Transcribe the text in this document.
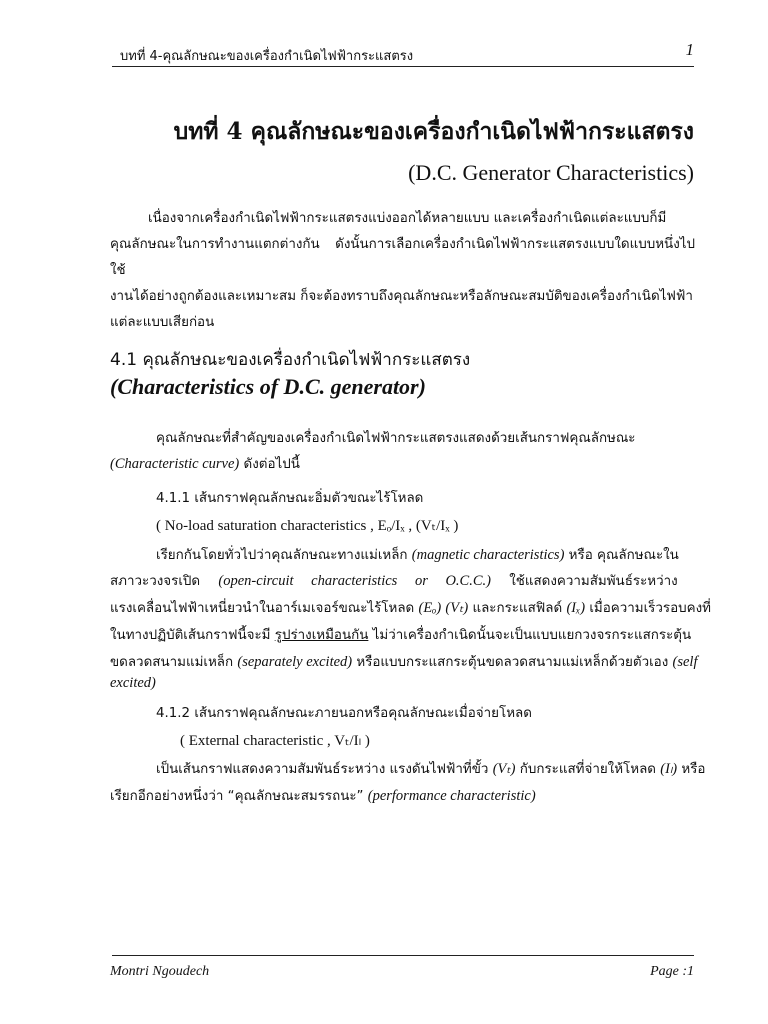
บทที่ 4-คุณลักษณะของเครื่องกำเนิดไฟฟ้ากระแสตรง	1
บทที่ 4 คุณลักษณะของเครื่องกำเนิดไฟฟ้ากระแสตรง
(D.C. Generator Characteristics)

เนื่องจากเครื่องกำเนิดไฟฟ้ากระแสตรงแบ่งออกได้หลายแบบ และเครื่องกำเนิดแต่ละแบบก็มี

คุณลักษณะในการทำงานแตกต่างกัน ดังนั้นการเลือกเครื่องกำเนิดไฟฟ้ากระแสตรงแบบใดแบบหนึ่งไปใช้

งานได้อย่างถูกต้องและเหมาะสม ก็จะต้องทราบถึงคุณลักษณะหรือลักษณะสมบัติของเครื่องกำเนิดไฟฟ้า

แต่ละแบบเสียก่อน

4.1 คุณลักษณะของเครื่องกำเนิดไฟฟ้ากระแสตรง
(Characteristics of D.C. generator)
คุณลักษณะที่สำคัญของเครื่องกำเนิดไฟฟ้ากระแสตรงแสดงด้วยเส้นกราฟคุณลักษณะ
(Characteristic curve) ดังต่อไปนี้
4.1.1 เส้นกราฟคุณลักษณะอิ่มตัวขณะไร้โหลด
( No-load saturation characteristics , Eₒ/Iₓ , (Vₜ/Iₓ )
เรียกกันโดยทั่วไปว่าคุณลักษณะทางแม่เหล็ก (magnetic characteristics) หรือ คุณลักษณะใน
สภาวะวงจรเปิด (open-circuit characteristics or O.C.C.) ใช้แสดงความสัมพันธ์ระหว่าง
แรงเคลื่อนไฟฟ้าเหนี่ยวนำในอาร์เมเจอร์ขณะไร้โหลด (Eₒ) (Vₜ) และกระแสฟิลด์ (Iₓ) เมื่อความเร็วรอบคงที่
ในทางปฏิบัติเส้นกราฟนี้จะมี รูปร่างเหมือนกัน ไม่ว่าเครื่องกำเนิดนั้นจะเป็นแบบแยกวงจรกระแสกระตุ้น
ขดลวดสนามแม่เหล็ก (separately excited) หรือแบบกระแสกระตุ้นขดลวดสนามแม่เหล็กด้วยตัวเอง (self
excited)
4.1.2 เส้นกราฟคุณลักษณะภายนอกหรือคุณลักษณะเมื่อจ่ายโหลด
( External characteristic , Vₜ/Iₗ )
เป็นเส้นกราฟแสดงความสัมพันธ์ระหว่าง แรงดันไฟฟ้าที่ขั้ว (Vₜ) กับกระแสที่จ่ายให้โหลด (Iₗ) หรือ
เรียกอีกอย่างหนึ่งว่า “คุณลักษณะสมรรถนะ” (performance characteristic)
Montri Ngoudech	Page :1
